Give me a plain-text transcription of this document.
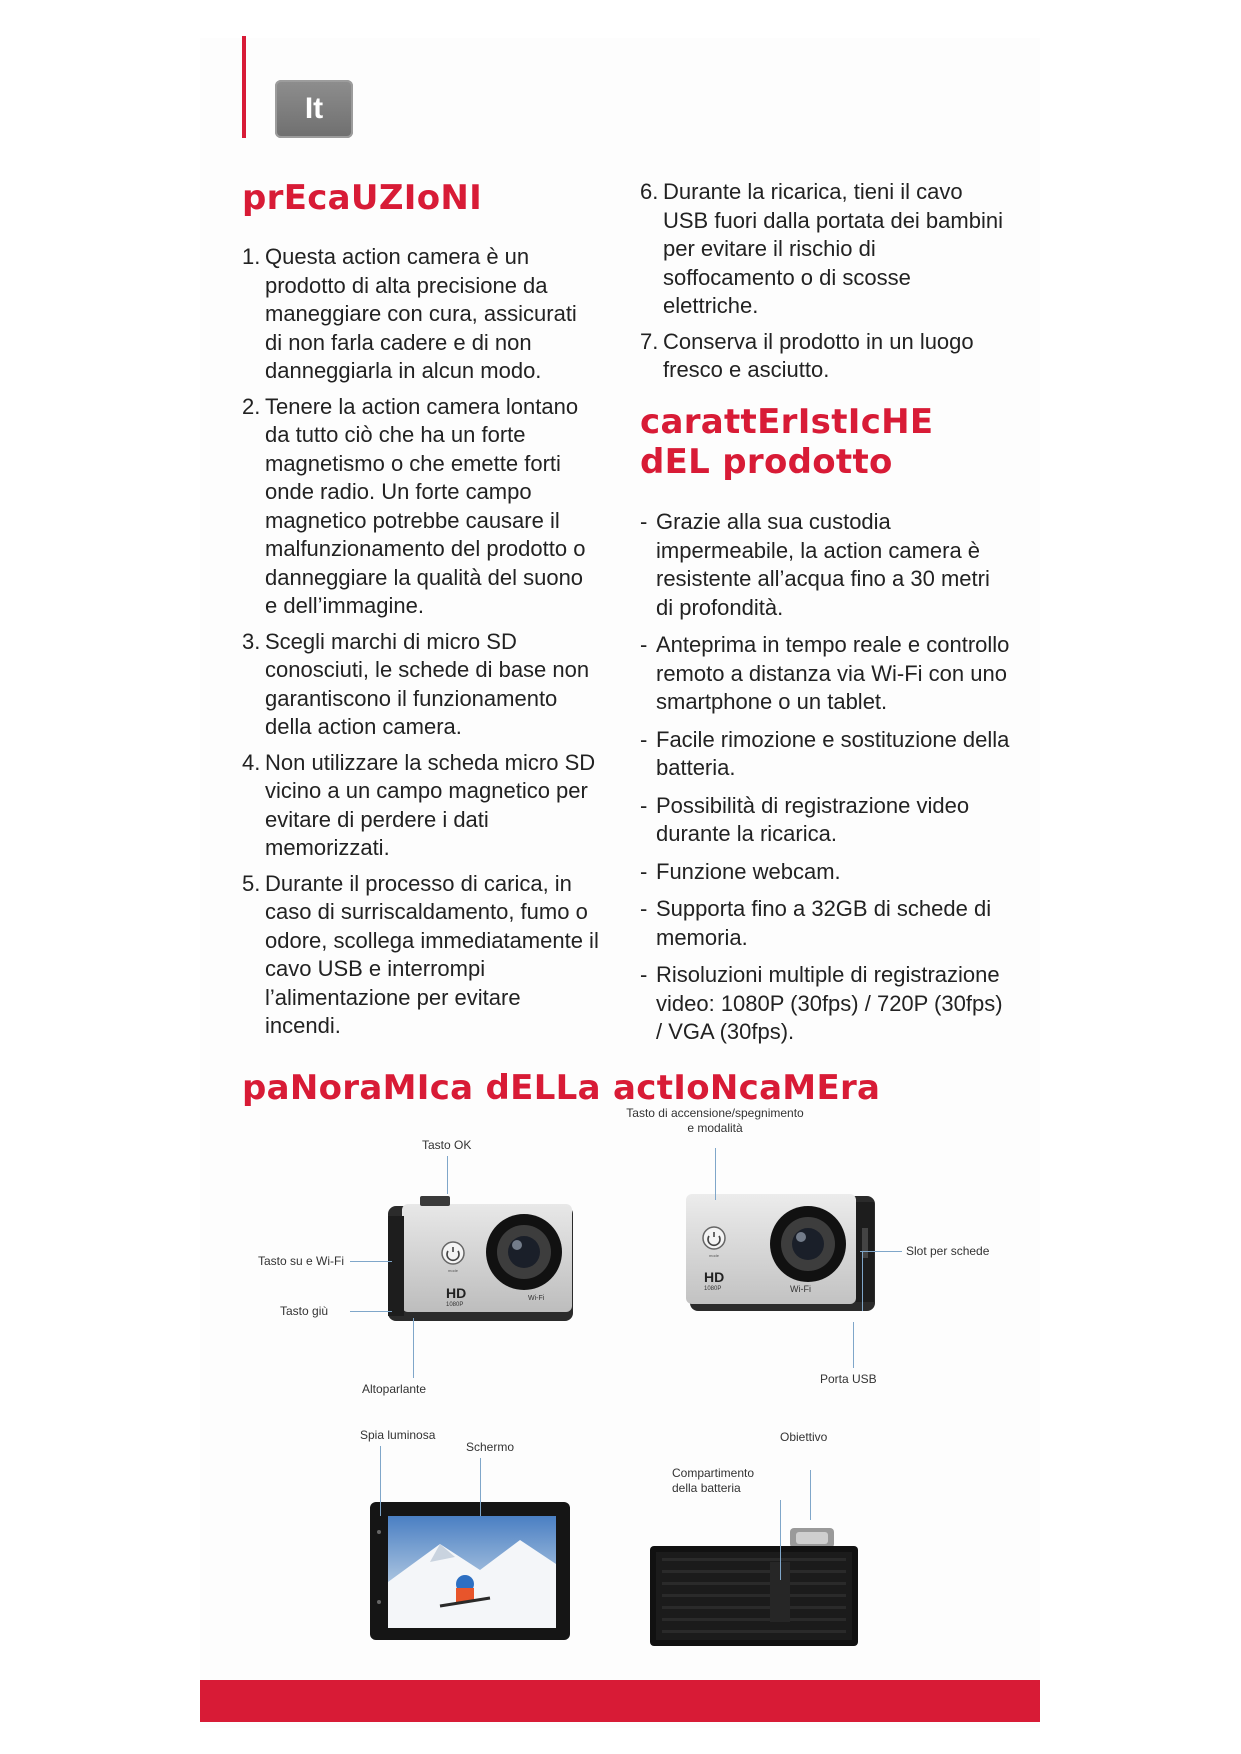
It
prEcaUZIoNI
1. Questa action camera è un prodotto di alta precisione da maneggiare con cura, assicurati di non farla cadere e di non danneggiarla in alcun modo.
2. Tenere la action camera lontano da tutto ciò che ha un forte magnetismo o che emette forti onde radio. Un forte campo magnetico potrebbe causare il malfunzionamento del prodotto o danneggiare la qualità del suono e dell’immagine.
3. Scegli marchi di micro SD conosciuti, le schede di base non garantiscono il funzionamento della action camera.
4. Non utilizzare la scheda micro SD vicino a un campo magnetico per evitare di perdere i dati memorizzati.
5. Durante il processo di carica, in caso di surriscaldamento, fumo o odore, scollega immediatamente il cavo USB e interrompi l’alimentazione per evitare incendi.
6. Durante la ricarica, tieni il cavo USB fuori dalla portata dei bambini per evitare il rischio di soffocamento o di scosse elettriche.
7. Conserva il prodotto in un luogo fresco e asciutto.
carattErIstIcHE
dEL prodotto
- Grazie alla sua custodia impermeabile, la action camera è resistente all’acqua fino a 30 metri di profondità.
- Anteprima in tempo reale e controllo remoto a distanza via Wi-Fi con uno smartphone o un tablet.
- Facile rimozione e sostituzione della batteria.
- Possibilità di registrazione video durante la ricarica.
- Funzione webcam.
- Supporta fino a 32GB di schede di memoria.
- Risoluzioni multiple di registrazione video: 1080P (30fps) / 720P (30fps) / VGA (30fps).
paNoraMIca dELLa actIoNcaMEra
mode
HD
1080P
Wi-Fi
mode
HD
1080P	Wi-Fi
Tasto OK
Tasto su e Wi-Fi
Tasto giù
Altoparlante
Tasto di accensione/spegnimento
e modalità
Slot per schede
Porta USB
Spia luminosa
Schermo
Obiettivo
Compartimento
della batteria
